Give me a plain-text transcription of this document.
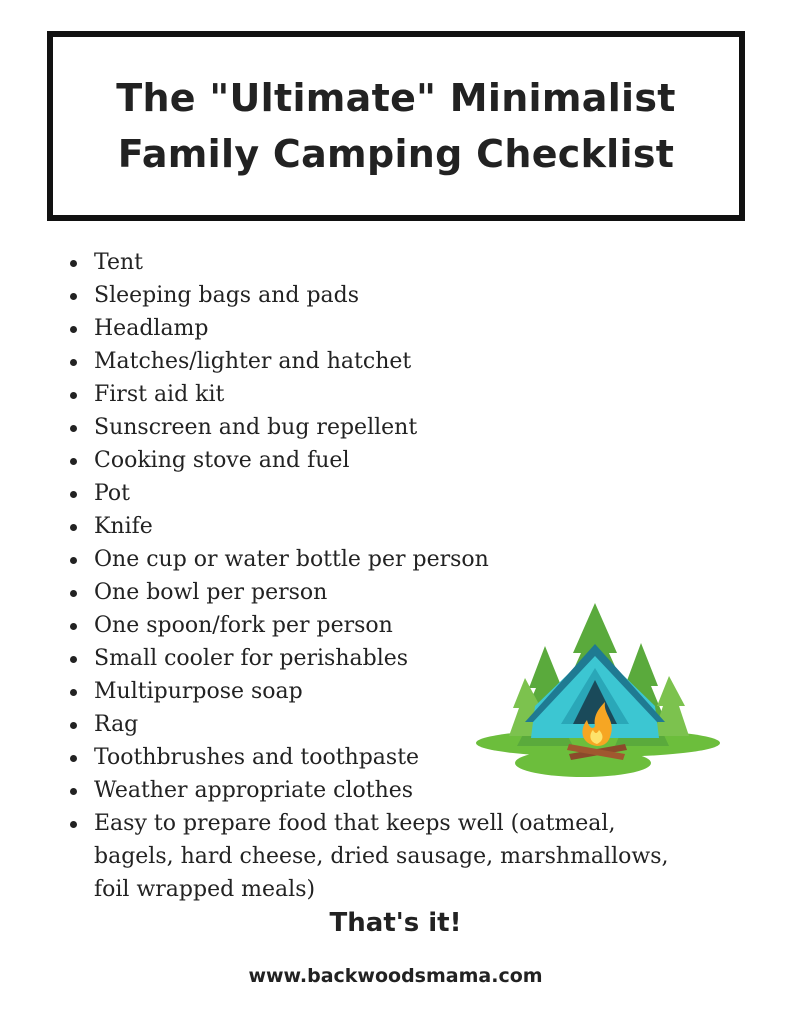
The "Ultimate" Minimalist
Family Camping Checklist
Tent
Sleeping bags and pads
Headlamp
Matches/lighter and hatchet
First aid kit
Sunscreen and bug repellent
Cooking stove and fuel
Pot
Knife
One cup or water bottle per person
One bowl per person
One spoon/fork per person
Small cooler for perishables
Multipurpose soap
Rag
Toothbrushes and toothpaste
Weather appropriate clothes
Easy to prepare food that keeps well (oatmeal, bagels, hard cheese, dried sausage, marshmallows, foil wrapped meals)
That's it!
www.backwoodsmama.com
